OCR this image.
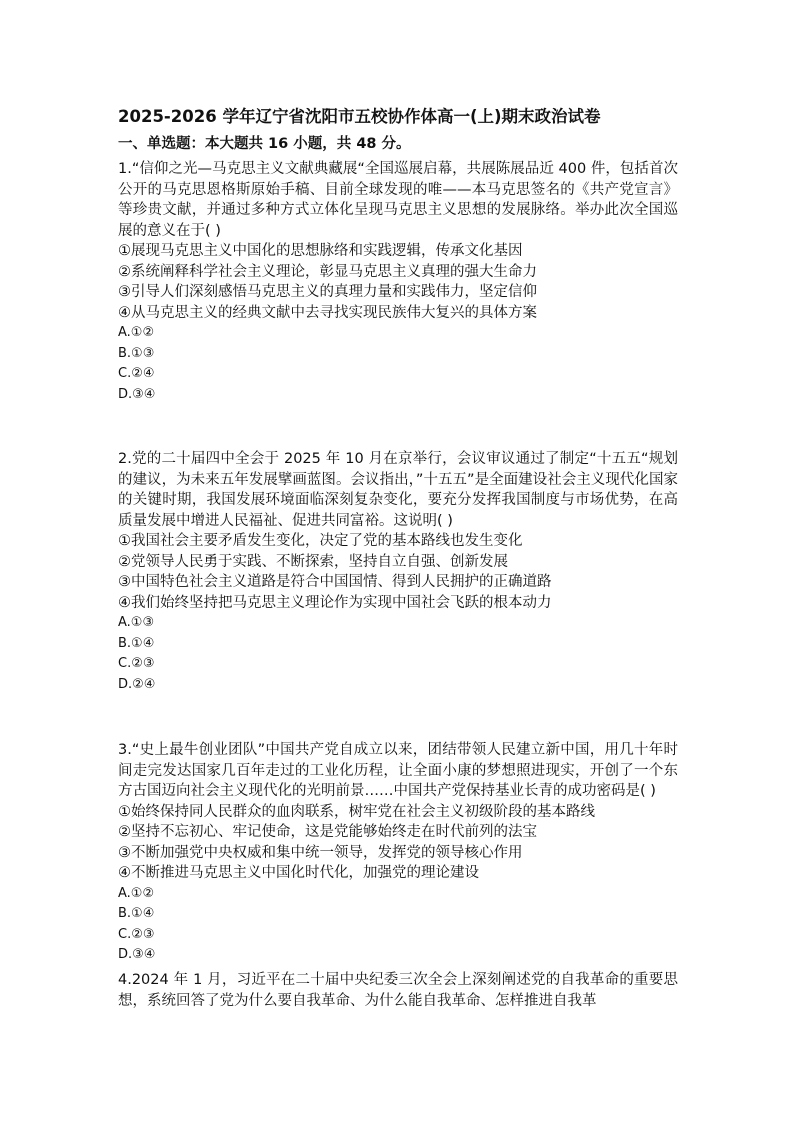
2025-2026 学年辽宁省沈阳市五校协作体高一(上)期末政治试卷
一、单选题：本大题共 16 小题，共 48 分。

1.“信仰之光—马克思主义文献典藏展“全国巡展启幕，共展陈展品近 400 件，包括首次公开的马克思恩格斯原始手稿、目前全球发现的唯——本马克思签名的《共产党宣言》等珍贵文献，并通过多种方式立体化呈现马克思主义思想的发展脉络。举办此次全国巡展的意义在于( )

①展现马克思主义中国化的思想脉络和实践逻辑，传承文化基因
②系统阐释科学社会主义理论，彰显马克思主义真理的强大生命力
③引导人们深刻感悟马克思主义的真理力量和实践伟力，坚定信仰
④从马克思主义的经典文献中去寻找实现民族伟大复兴的具体方案
A.①②
B.①③
C.②④
D.③④

2.党的二十届四中全会于 2025 年 10 月在京举行，会议审议通过了制定“十五五“规划的建议，为未来五年发展擘画蓝图。会议指出，”十五五”是全面建设社会主义现代化国家的关键时期，我国发展环境面临深刻复杂变化，要充分发挥我国制度与市场优势，在高质量发展中增进人民福祉、促进共同富裕。这说明( )

①我国社会主要矛盾发生变化，决定了党的基本路线也发生变化
②党领导人民勇于实践、不断探索，坚持自立自强、创新发展
③中国特色社会主义道路是符合中国国情、得到人民拥护的正确道路
④我们始终坚持把马克思主义理论作为实现中国社会飞跃的根本动力
A.①③
B.①④
C.②③
D.②④

3.“史上最牛创业团队”中国共产党自成立以来，团结带领人民建立新中国，用几十年时间走完发达国家几百年走过的工业化历程，让全面小康的梦想照进现实，开创了一个东方古国迈向社会主义现代化的光明前景……中国共产党保持基业长青的成功密码是( )

①始终保持同人民群众的血肉联系，树牢党在社会主义初级阶段的基本路线
②坚持不忘初心、牢记使命，这是党能够始终走在时代前列的法宝
③不断加强党中央权威和集中统一领导，发挥党的领导核心作用
④不断推进马克思主义中国化时代化，加强党的理论建设
A.①②
B.①④
C.②③
D.③④

4.2024 年 1 月，习近平在二十届中央纪委三次全会上深刻阐述党的自我革命的重要思想，系统回答了党为什么要自我革命、为什么能自我革命、怎样推进自我革
